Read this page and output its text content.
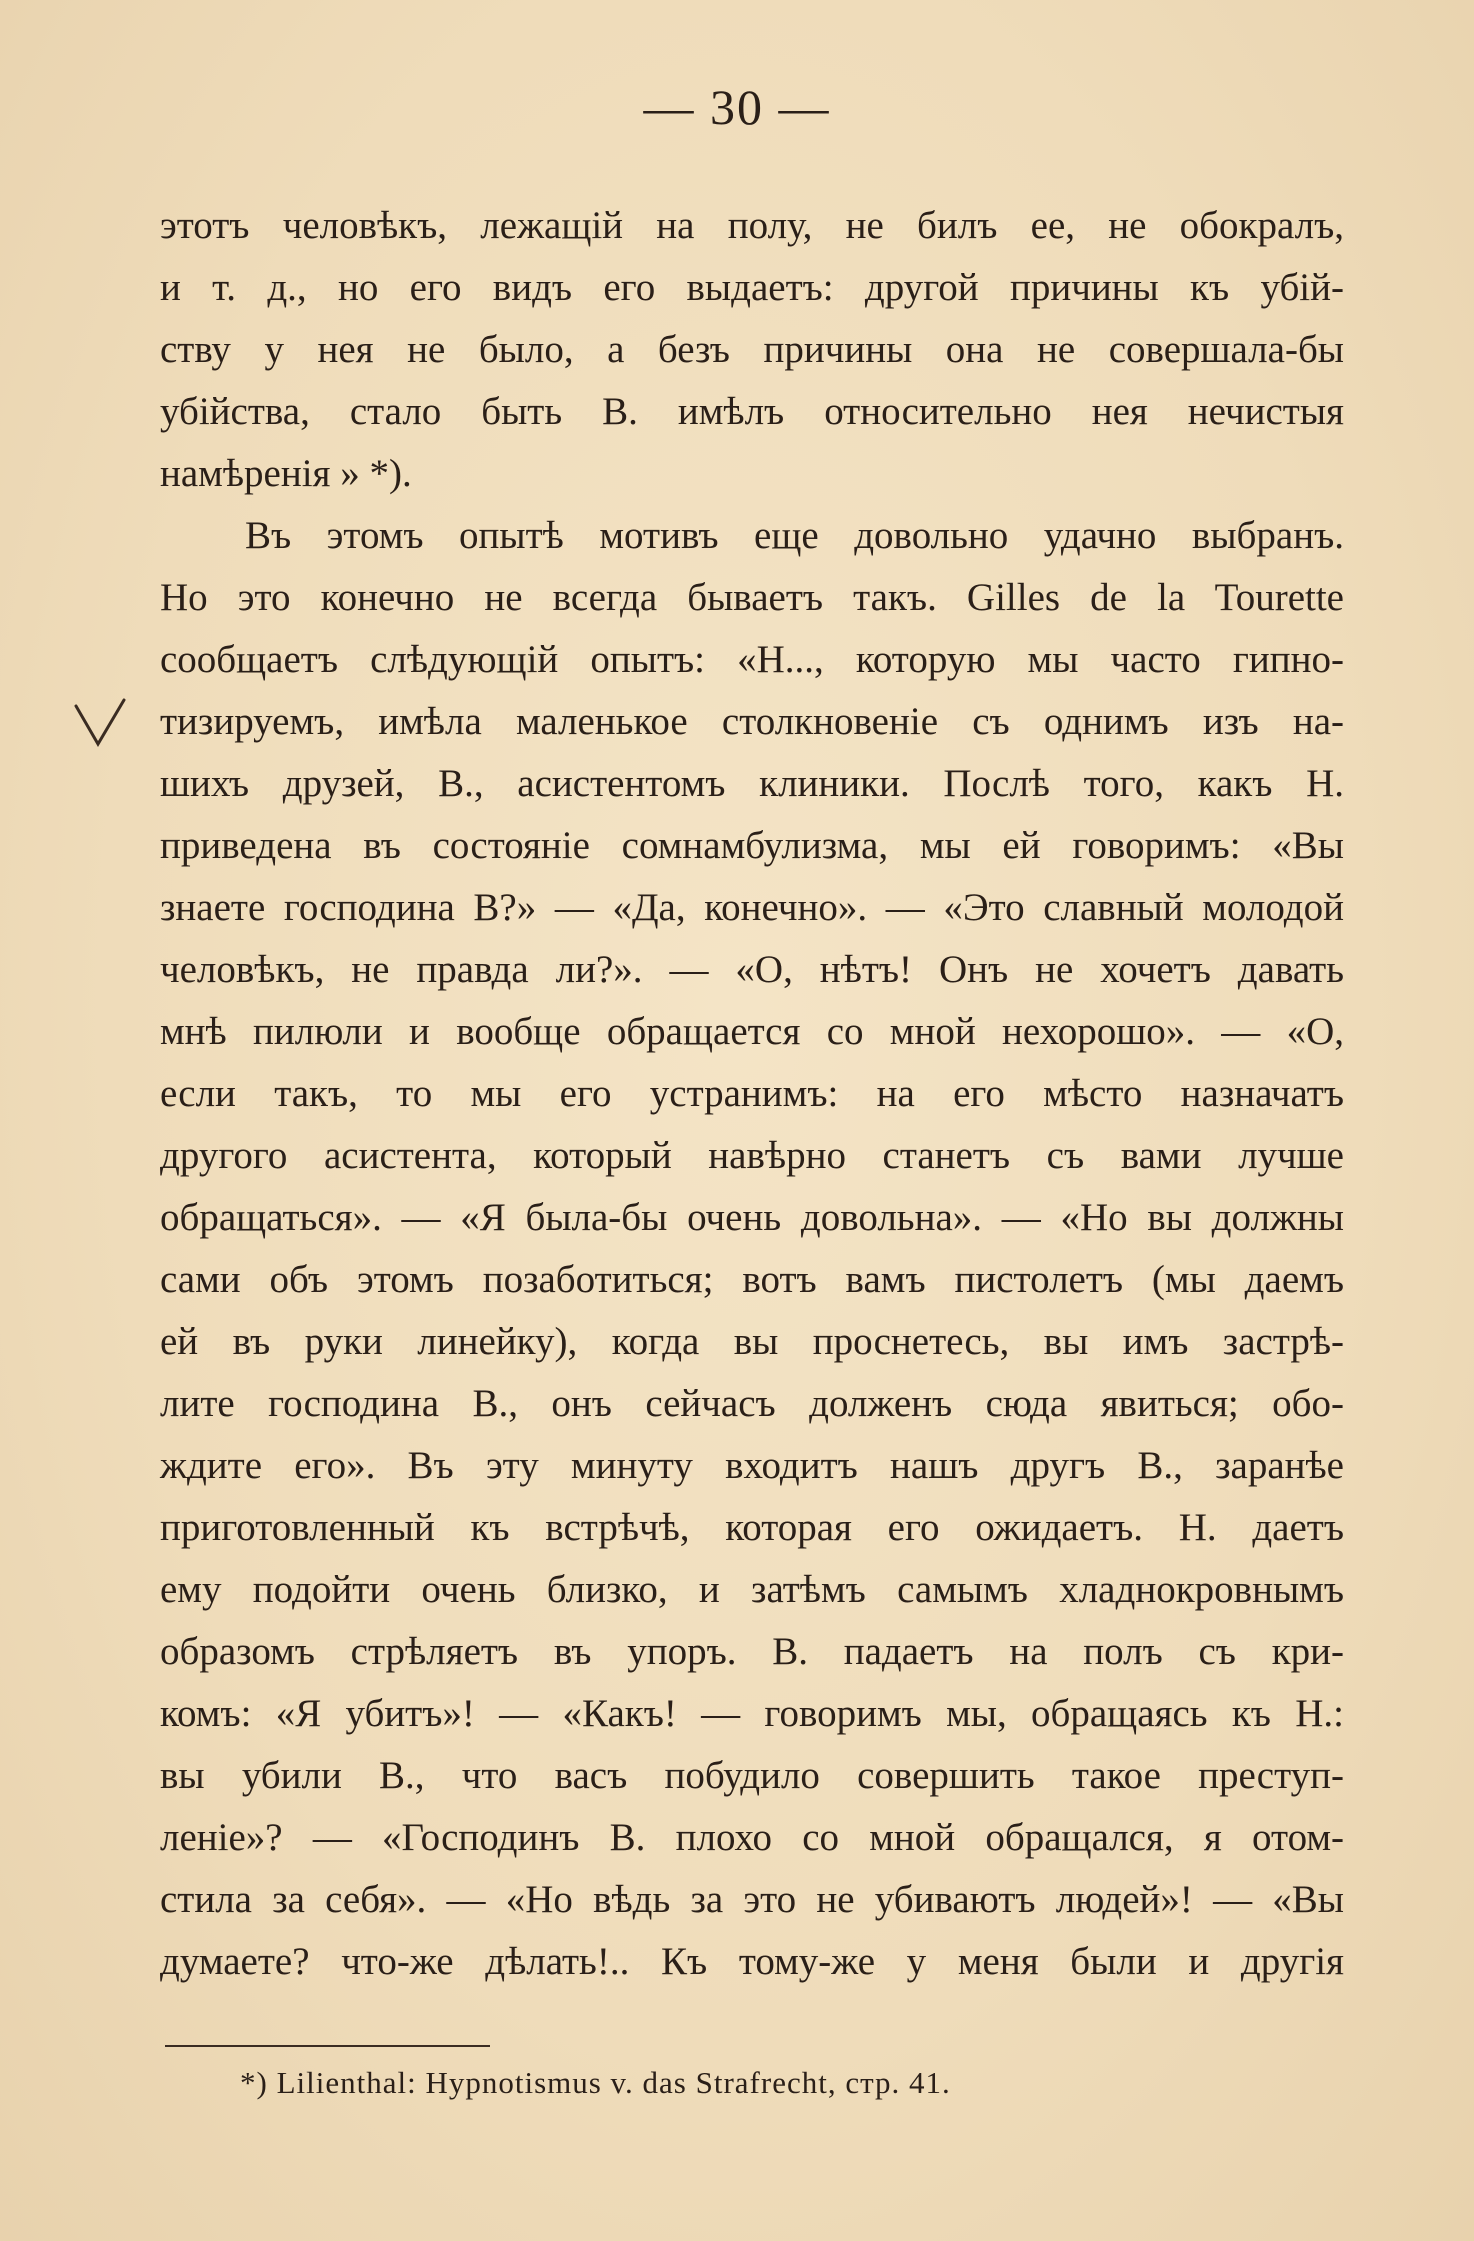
— 30 —
этотъ человѣкъ, лежащій на полу, не билъ ее, не обокралъ,
и т. д., но его видъ его выдаетъ: другой причины къ убій-
ству у нея не было, а безъ причины она не совершала-бы
убійства, стало быть В. имѣлъ относительно нея нечистыя
намѣренія » *).
Въ этомъ опытѣ мотивъ еще довольно удачно выбранъ.
Но это конечно не всегда бываетъ такъ. Gilles de la Tourette
сообщаетъ слѣдующій опытъ: «Н..., которую мы часто гипно-
тизируемъ, имѣла маленькое столкновеніе съ однимъ изъ на-
шихъ друзей, В., асистентомъ клиники. Послѣ того, какъ Н.
приведена въ состояніе сомнамбулизма, мы ей говоримъ: «Вы
знаете господина В?» — «Да, конечно». — «Это славный молодой
человѣкъ, не правда ли?». — «О, нѣтъ! Онъ не хочетъ давать
мнѣ пилюли и вообще обращается со мной нехорошо». — «О,
если такъ, то мы его устранимъ: на его мѣсто назначатъ
другого асистента, который навѣрно станетъ съ вами лучше
обращаться». — «Я была-бы очень довольна». — «Но вы должны
сами объ этомъ позаботиться; вотъ вамъ пистолетъ (мы даемъ
ей въ руки линейку), когда вы проснетесь, вы имъ застрѣ-
лите господина В., онъ сейчасъ долженъ сюда явиться; обо-
ждите его». Въ эту минуту входитъ нашъ другъ В., заранѣе
приготовленный къ встрѣчѣ, которая его ожидаетъ. Н. даетъ
ему подойти очень близко, и затѣмъ самымъ хладнокровнымъ
образомъ стрѣляетъ въ упоръ. В. падаетъ на полъ съ кри-
комъ: «Я убитъ»! — «Какъ! — говоримъ мы, обращаясь къ Н.:
вы убили В., что васъ побудило совершить такое преступ-
леніе»? — «Господинъ В. плохо со мной обращался, я отом-
стила за себя». — «Но вѣдь за это не убиваютъ людей»! — «Вы
думаете? что-же дѣлать!.. Къ тому-же у меня были и другія
*) Lilienthal: Hypnotismus v. das Strafrecht, стр. 41.
